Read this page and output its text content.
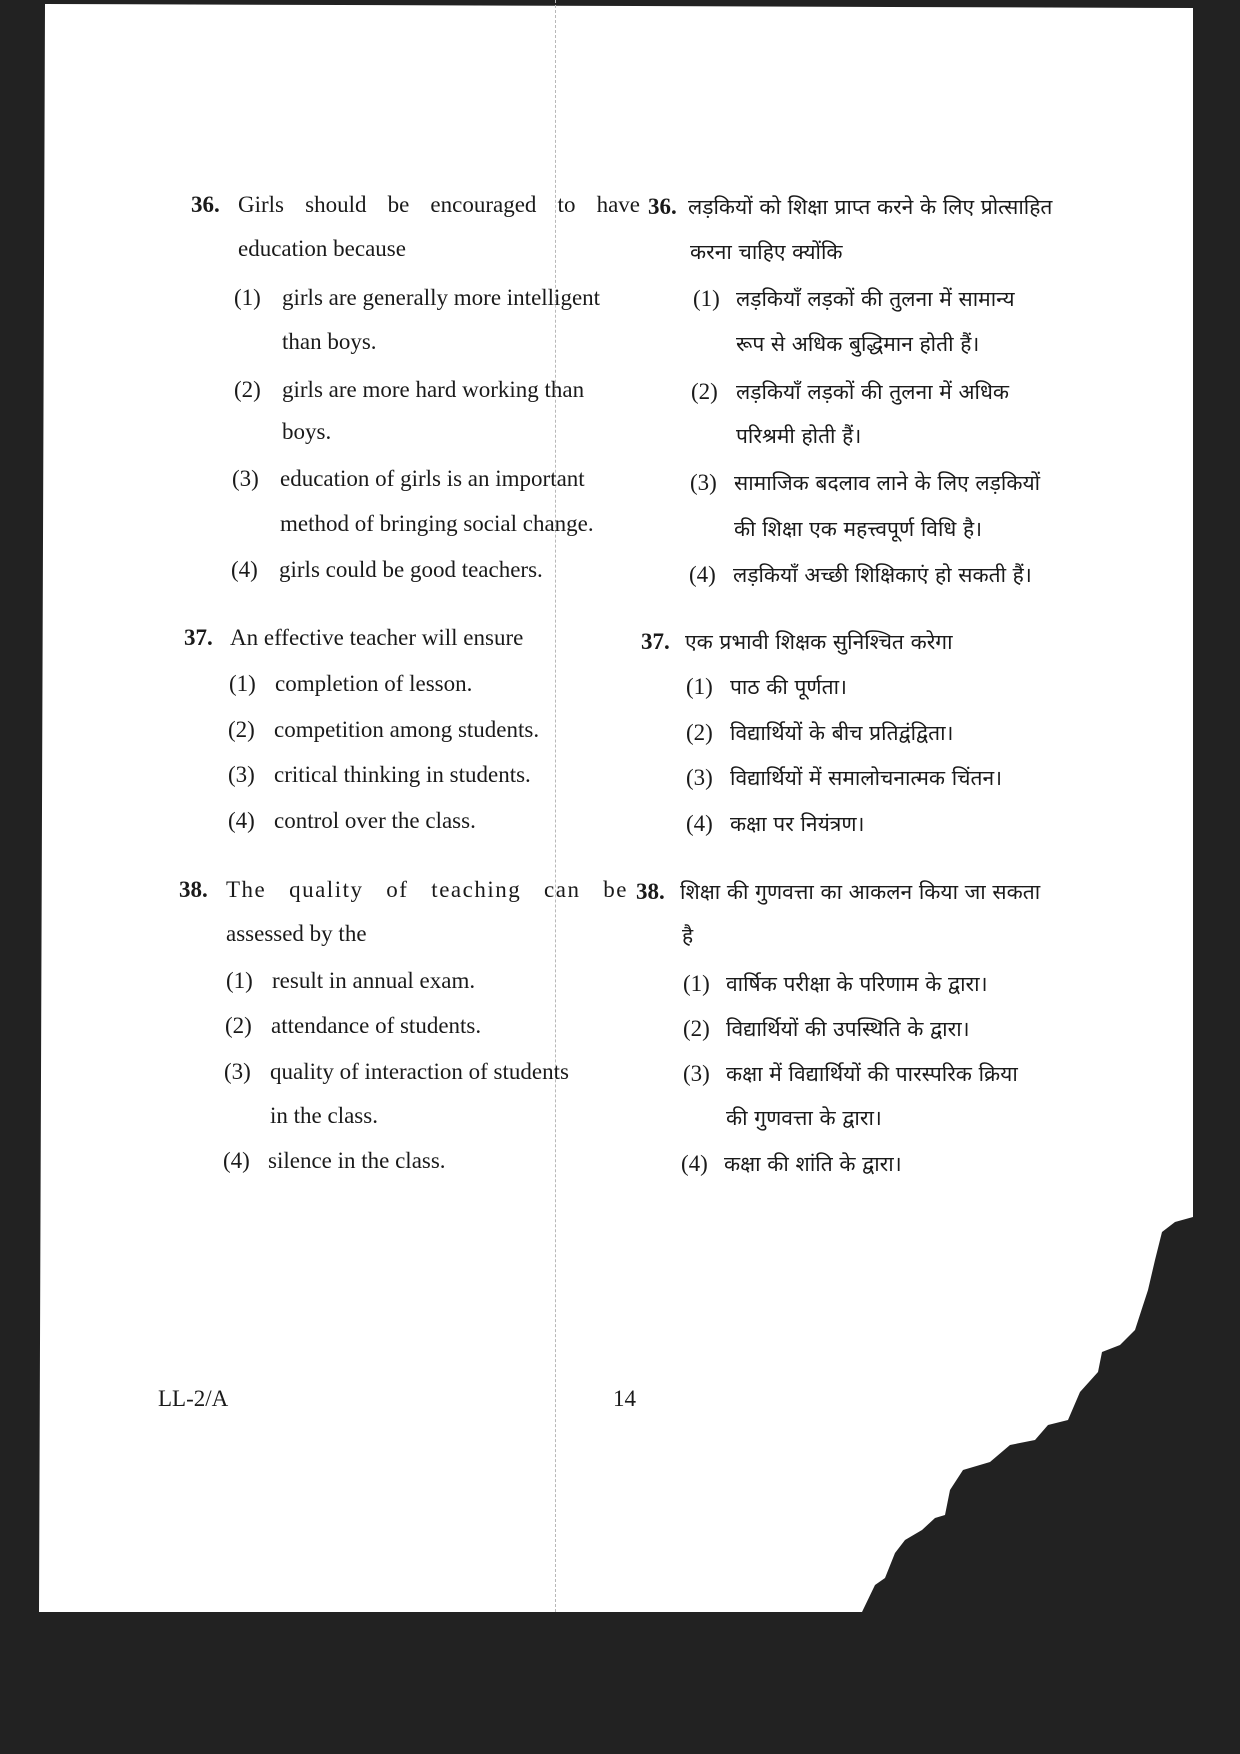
36. Girls should be encouraged to have
education because
(1) girls are generally more intelligent
than boys.
(2) girls are more hard working than
boys.
(3) education of girls is an important
method of bringing social change.
(4) girls could be good teachers.
36. लड़कियों को शिक्षा प्राप्त करने के लिए प्रोत्साहित
करना चाहिए क्योंकि
(1) लड़कियाँ लड़कों की तुलना में सामान्य
रूप से अधिक बुद्धिमान होती हैं।
(2) लड़कियाँ लड़कों की तुलना में अधिक
परिश्रमी होती हैं।
(3) सामाजिक बदलाव लाने के लिए लड़कियों
की शिक्षा एक महत्त्वपूर्ण विधि है।
(4) लड़कियाँ अच्छी शिक्षिकाएं हो सकती हैं।
37. An effective teacher will ensure
(1) completion of lesson.
(2) competition among students.
(3) critical thinking in students.
(4) control over the class.
37. एक प्रभावी शिक्षक सुनिश्चित करेगा
(1) पाठ की पूर्णता।
(2) विद्यार्थियों के बीच प्रतिद्वंद्विता।
(3) विद्यार्थियों में समालोचनात्मक चिंतन।
(4) कक्षा पर नियंत्रण।
38. The quality of teaching can be
assessed by the
(1) result in annual exam.
(2) attendance of students.
(3) quality of interaction of students
in the class.
(4) silence in the class.
38. शिक्षा की गुणवत्ता का आकलन किया जा सकता
है
(1) वार्षिक परीक्षा के परिणाम के द्वारा।
(2) विद्यार्थियों की उपस्थिति के द्वारा।
(3) कक्षा में विद्यार्थियों की पारस्परिक क्रिया
की गुणवत्ता के द्वारा।
(4) कक्षा की शांति के द्वारा।
LL-2/A	14
